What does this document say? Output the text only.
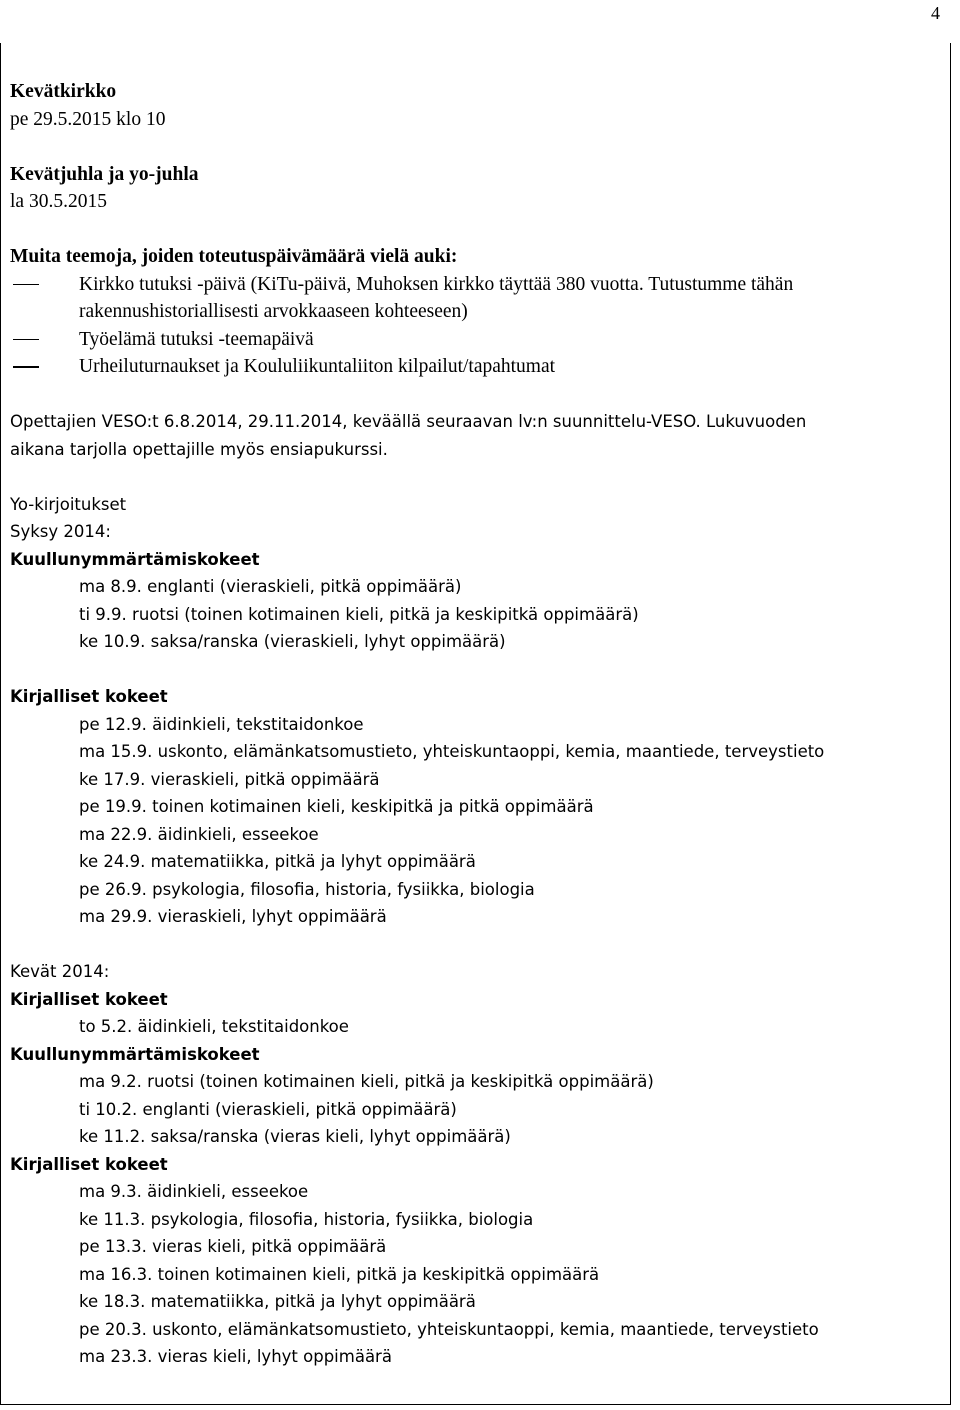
4

Kevätkirkko

pe 29.5.2015 klo 10

Kevätjuhla ja yo-juhla

la 30.5.2015

Muita teemoja, joiden toteutuspäivämäärä vielä auki:

Kirkko tutuksi -päivä (KiTu-päivä, Muhoksen kirkko täyttää 380 vuotta. Tutustumme tähän

rakennushistoriallisesti arvokkaaseen kohteeseen)

Työelämä tutuksi -teemapäivä

Urheiluturnaukset ja Koululiikuntaliiton kilpailut/tapahtumat

Opettajien VESO:t 6.8.2014, 29.11.2014, keväällä seuraavan lv:n suunnittelu-VESO. Lukuvuoden

aikana tarjolla opettajille myös ensiapukurssi.

Yo-kirjoitukset

Syksy 2014:

Kuullunymmärtämiskokeet

ma 8.9. englanti (vieraskieli, pitkä oppimäärä)

ti 9.9. ruotsi (toinen kotimainen kieli, pitkä ja keskipitkä oppimäärä)

ke 10.9. saksa/ranska (vieraskieli, lyhyt oppimäärä)

Kirjalliset kokeet

pe 12.9. äidinkieli, tekstitaidonkoe

ma 15.9. uskonto, elämänkatsomustieto, yhteiskuntaoppi, kemia, maantiede, terveystieto

ke 17.9. vieraskieli, pitkä oppimäärä

pe 19.9. toinen kotimainen kieli, keskipitkä ja pitkä oppimäärä

ma 22.9. äidinkieli, esseekoe

ke 24.9. matematiikka, pitkä ja lyhyt oppimäärä

pe 26.9. psykologia, filosofia, historia, fysiikka, biologia

ma 29.9. vieraskieli, lyhyt oppimäärä

Kevät 2014:

Kirjalliset kokeet

to 5.2. äidinkieli, tekstitaidonkoe

Kuullunymmärtämiskokeet

ma 9.2. ruotsi (toinen kotimainen kieli, pitkä ja keskipitkä oppimäärä)

ti 10.2. englanti (vieraskieli, pitkä oppimäärä)

ke 11.2. saksa/ranska (vieras kieli, lyhyt oppimäärä)

Kirjalliset kokeet

ma 9.3. äidinkieli, esseekoe

ke 11.3. psykologia, filosofia, historia, fysiikka, biologia

pe 13.3. vieras kieli, pitkä oppimäärä

ma 16.3. toinen kotimainen kieli, pitkä ja keskipitkä oppimäärä

ke 18.3. matematiikka, pitkä ja lyhyt oppimäärä

pe 20.3. uskonto, elämänkatsomustieto, yhteiskuntaoppi, kemia, maantiede, terveystieto

ma 23.3. vieras kieli, lyhyt oppimäärä
